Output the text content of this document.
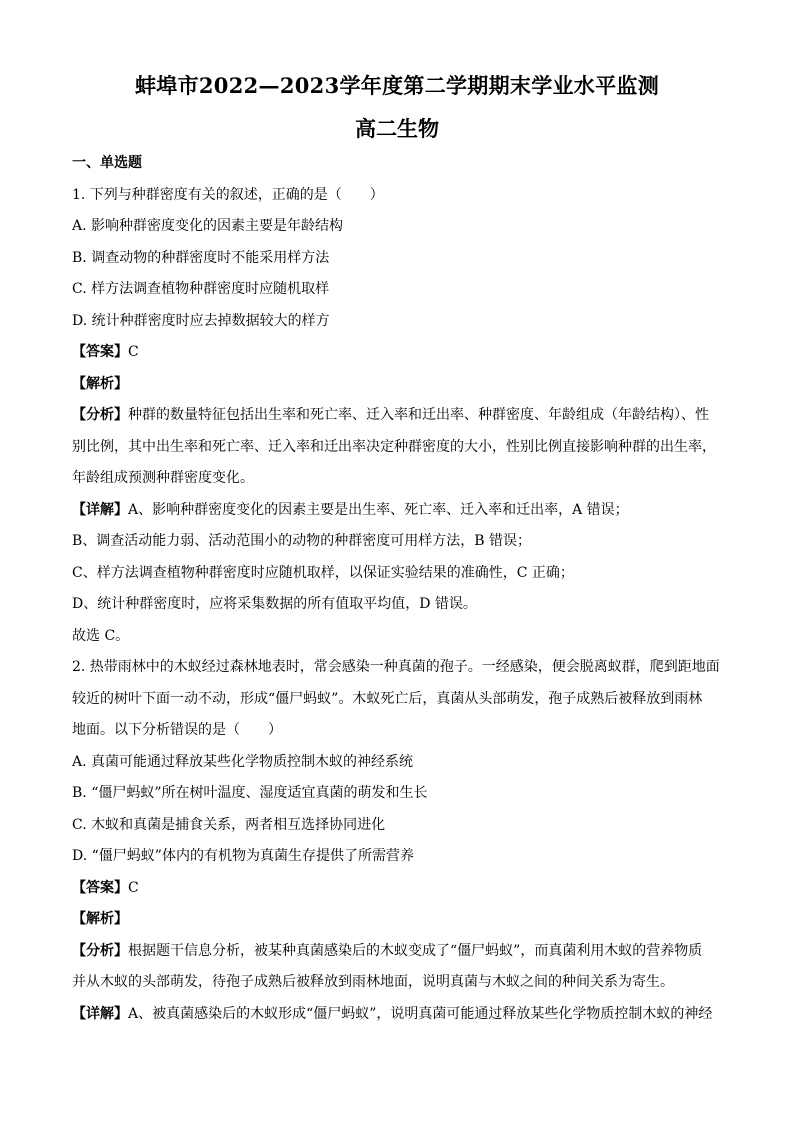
蚌埠市2022—2023学年度第二学期期末学业水平监测
高二生物
一、单选题
1. 下列与种群密度有关的叙述，正确的是（　　）
A. 影响种群密度变化的因素主要是年龄结构
B. 调查动物的种群密度时不能采用样方法
C. 样方法调查植物种群密度时应随机取样
D. 统计种群密度时应去掉数据较大的样方
【答案】C
【解析】
【分析】种群的数量特征包括出生率和死亡率、迁入率和迁出率、种群密度、年龄组成（年龄结构）、性
别比例，其中出生率和死亡率、迁入率和迁出率决定种群密度的大小，性别比例直接影响种群的出生率，
年龄组成预测种群密度变化。
【详解】A、影响种群密度变化的因素主要是出生率、死亡率、迁入率和迁出率，A 错误；
B、调查活动能力弱、活动范围小的动物的种群密度可用样方法，B 错误；
C、样方法调查植物种群密度时应随机取样，以保证实验结果的准确性，C 正确；
D、统计种群密度时，应将采集数据的所有值取平均值，D 错误。
故选 C。
2. 热带雨林中的木蚁经过森林地表时，常会感染一种真菌的孢子。一经感染，便会脱离蚁群，爬到距地面
较近的树叶下面一动不动，形成“僵尸蚂蚁”。木蚁死亡后，真菌从头部萌发，孢子成熟后被释放到雨林
地面。以下分析错误的是（　　）
A. 真菌可能通过释放某些化学物质控制木蚁的神经系统
B. “僵尸蚂蚁”所在树叶温度、湿度适宜真菌的萌发和生长
C. 木蚁和真菌是捕食关系，两者相互选择协同进化
D. “僵尸蚂蚁”体内的有机物为真菌生存提供了所需营养
【答案】C
【解析】
【分析】根据题干信息分析，被某种真菌感染后的木蚁变成了“僵尸蚂蚁”，而真菌利用木蚁的营养物质
并从木蚁的头部萌发，待孢子成熟后被释放到雨林地面，说明真菌与木蚁之间的种间关系为寄生。
【详解】A、被真菌感染后的木蚁形成“僵尸蚂蚁”，说明真菌可能通过释放某些化学物质控制木蚁的神经
